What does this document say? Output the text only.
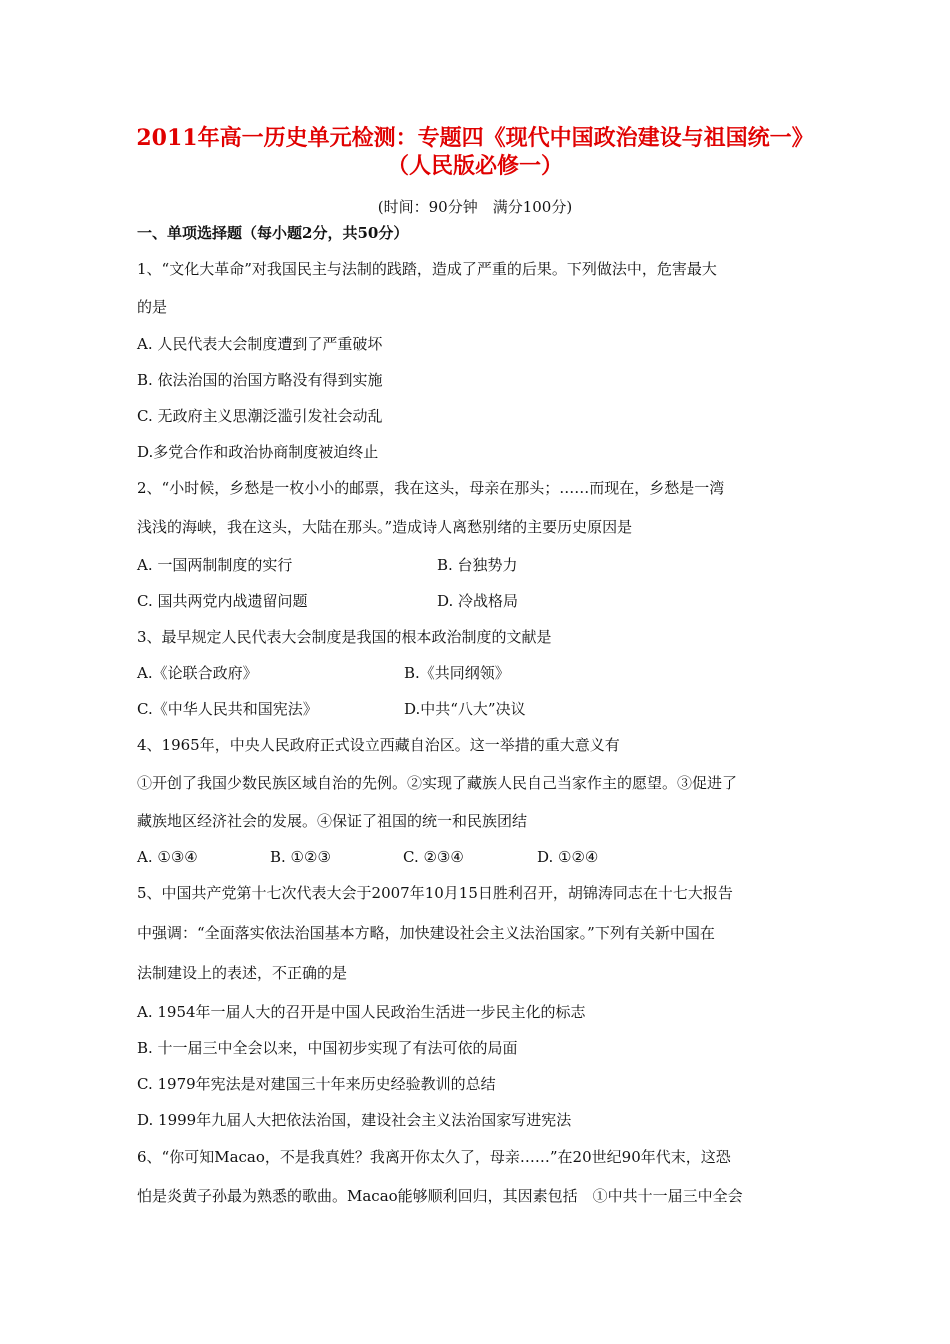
2011年高一历史单元检测：专题四《现代中国政治建设与祖国统一》
（人民版必修一）
(时间：90分钟　满分100分)
一、单项选择题（每小题2分，共50分）
1、“文化大革命”对我国民主与法制的践踏，造成了严重的后果。下列做法中，危害最大
的是
A. 人民代表大会制度遭到了严重破坏
B. 依法治国的治国方略没有得到实施
C. 无政府主义思潮泛滥引发社会动乱
D.多党合作和政治协商制度被迫终止
2、“小时候，乡愁是一枚小小的邮票，我在这头，母亲在那头；……而现在，乡愁是一湾
浅浅的海峡，我在这头，大陆在那头。”造成诗人离愁别绪的主要历史原因是
A. 一国两制制度的实行	B. 台独势力
C. 国共两党内战遗留问题	D. 冷战格局
3、最早规定人民代表大会制度是我国的根本政治制度的文献是
A.《论联合政府》	B.《共同纲领》
C.《中华人民共和国宪法》	D.中共“八大”决议
4、1965年，中央人民政府正式设立西藏自治区。这一举措的重大意义有
①开创了我国少数民族区域自治的先例。②实现了藏族人民自己当家作主的愿望。③促进了
藏族地区经济社会的发展。④保证了祖国的统一和民族团结
A. ①③④	B. ①②③	C. ②③④	D. ①②④
5、中国共产党第十七次代表大会于2007年10月15日胜利召开，胡锦涛同志在十七大报告
中强调：“全面落实依法治国基本方略，加快建设社会主义法治国家。”下列有关新中国在
法制建设上的表述，不正确的是
A. 1954年一届人大的召开是中国人民政治生活进一步民主化的标志
B. 十一届三中全会以来，中国初步实现了有法可依的局面
C. 1979年宪法是对建国三十年来历史经验教训的总结
D. 1999年九届人大把依法治国，建设社会主义法治国家写进宪法
6、“你可知Macao，不是我真姓？我离开你太久了，母亲……”在20世纪90年代末，这恐
怕是炎黄子孙最为熟悉的歌曲。Macao能够顺利回归，其因素包括　①中共十一届三中全会
